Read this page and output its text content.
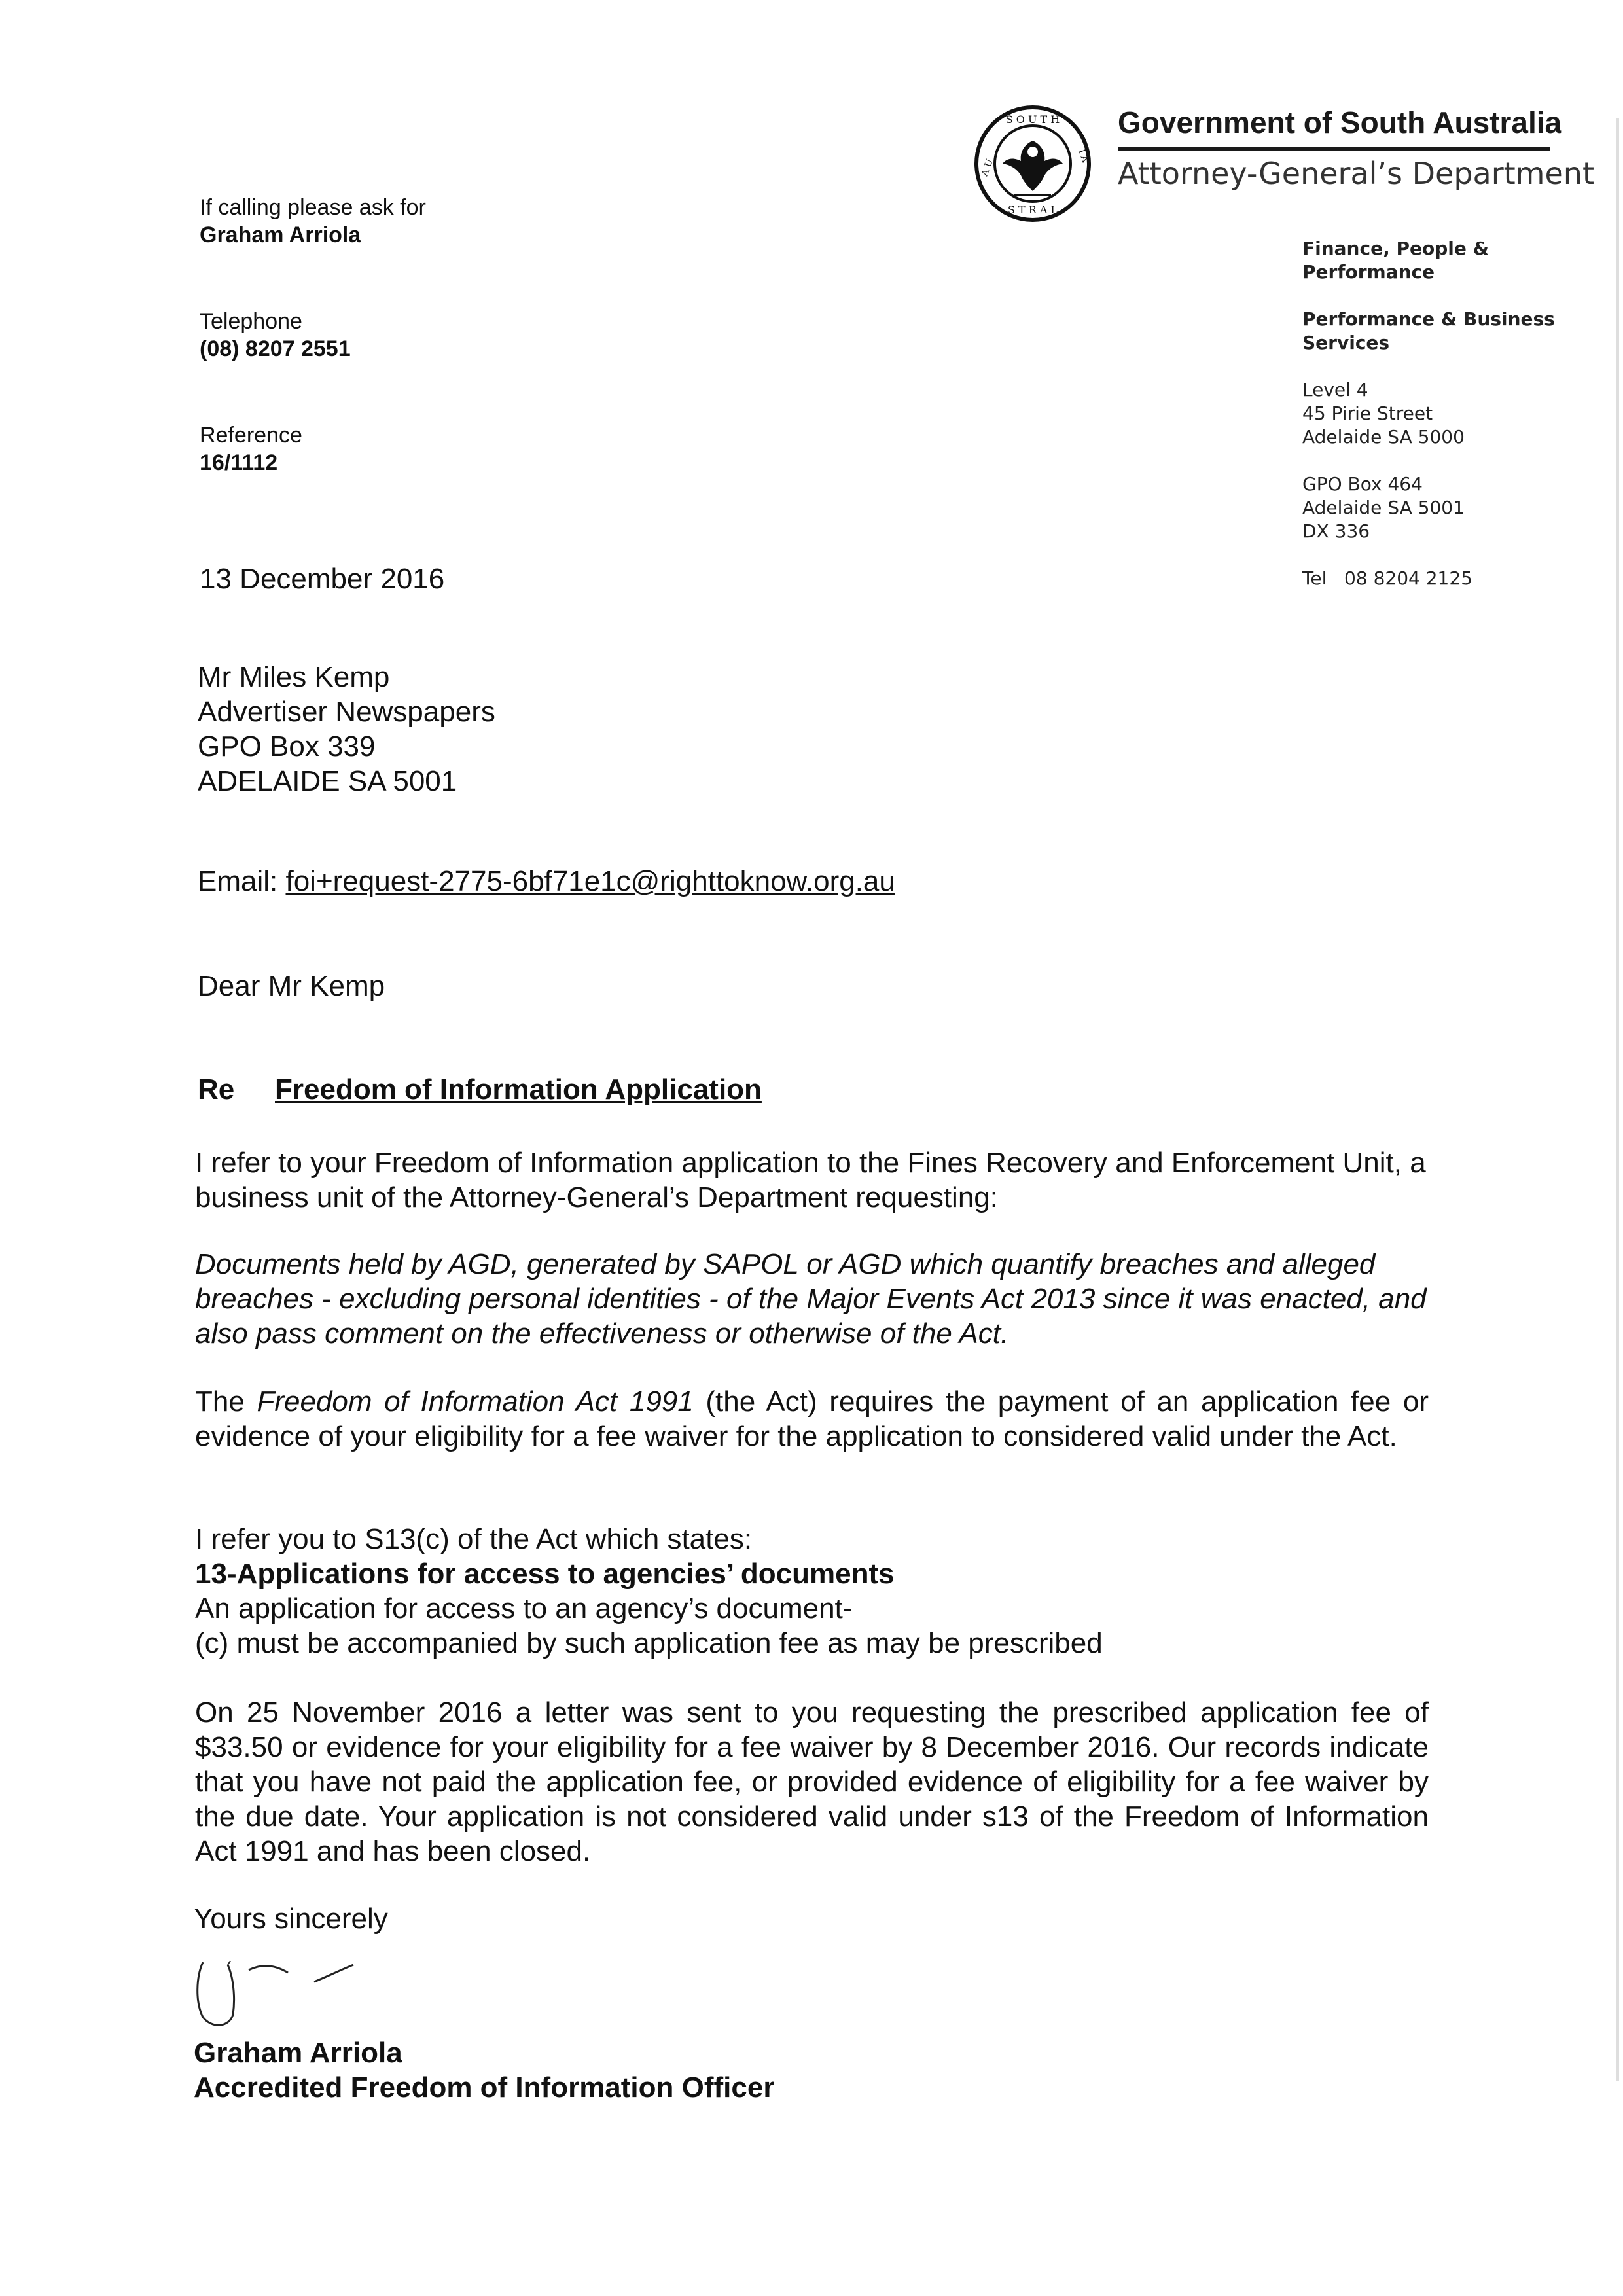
S O U T H
S T R A L
A U
I A
Government of South Australia
Attorney-General’s Department
Finance, People & Performance
Performance & Business Services
Level 4
45 Pirie Street
Adelaide SA 5000
GPO Box 464
Adelaide SA 5001
DX 336
Tel   08 8204 2125
If calling please ask for
Graham Arriola
Telephone
(08) 8207 2551
Reference
16/1112
13 December 2016
Mr Miles Kemp
Advertiser Newspapers
GPO Box 339
ADELAIDE SA 5001
Email: foi+request-2775-6bf71e1c@righttoknow.org.au
Dear Mr Kemp
Re Freedom of Information Application
I refer to your Freedom of Information application to the Fines Recovery and Enforcement Unit, a business unit of the Attorney-General’s Department requesting:
Documents held by AGD, generated by SAPOL or AGD which quantify breaches and alleged breaches - excluding personal identities - of the Major Events Act 2013 since it was enacted, and also pass comment on the effectiveness or otherwise of the Act.
The Freedom of Information Act 1991 (the Act) requires the payment of an application fee or evidence of your eligibility for a fee waiver for the application to considered valid under the Act.
I refer you to S13(c) of the Act which states:
13-Applications for access to agencies’ documents
An application for access to an agency’s document-
(c) must be accompanied by such application fee as may be prescribed
On 25 November 2016 a letter was sent to you requesting the prescribed application fee of $33.50 or evidence for your eligibility for a fee waiver by 8 December 2016. Our records indicate that you have not paid the application fee, or provided evidence of eligibility for a fee waiver by the due date. Your application is not considered valid under s13 of the Freedom of Information Act 1991 and has been closed.
Yours sincerely
Graham Arriola
Accredited Freedom of Information Officer
